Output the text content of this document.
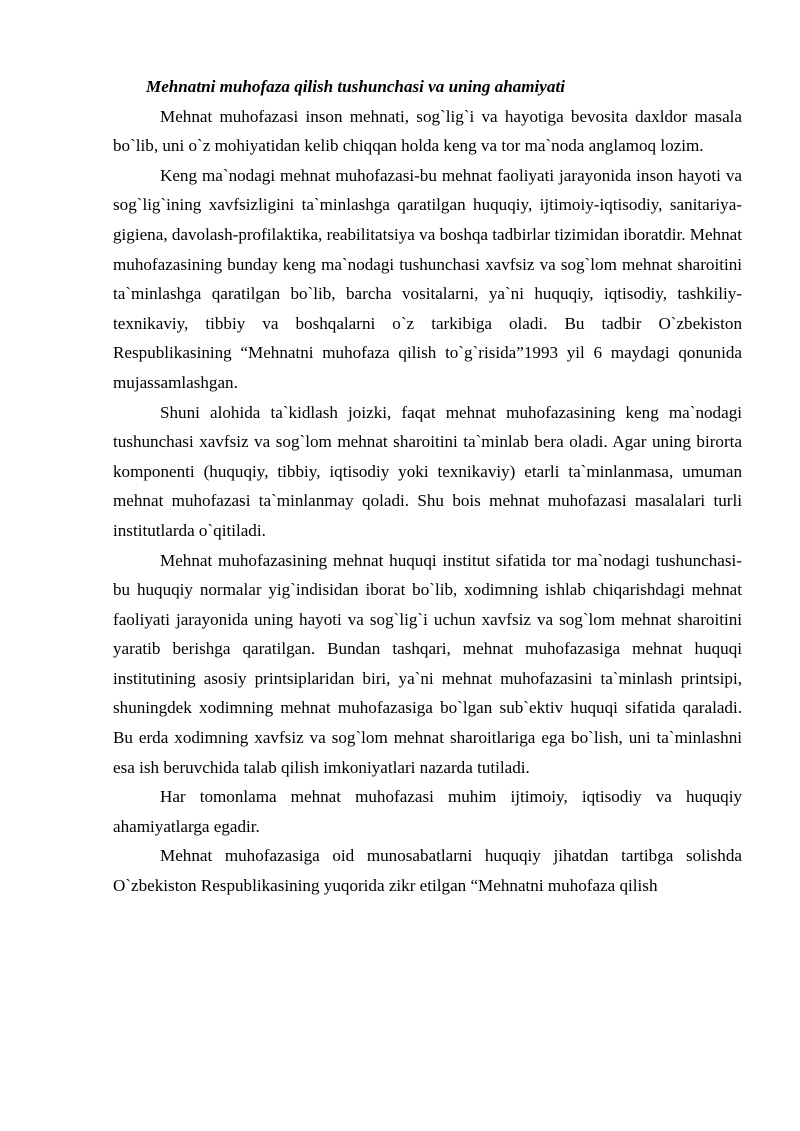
Mehnatni muhofaza qilish tushunchasi va uning ahamiyati

Mehnat muhofazasi inson mehnati, sog`lig`i va hayotiga bevosita daxldor masala bo`lib, uni o`z mohiyatidan kelib chiqqan holda keng va tor ma`noda anglamoq lozim.

Keng ma`nodagi mehnat muhofazasi-bu mehnat faoliyati jarayonida inson hayoti va sog`lig`ining xavfsizligini ta`minlashga qaratilgan huquqiy, ijtimoiy-iqtisodiy, sanitariya-gigiena, davolash-profilaktika, reabilitatsiya va boshqa tadbirlar tizimidan iboratdir. Mehnat muhofazasining bunday keng ma`nodagi tushunchasi xavfsiz va sog`lom mehnat sharoitini ta`minlashga qaratilgan bo`lib, barcha vositalarni, ya`ni huquqiy, iqtisodiy, tashkiliy-texnikaviy, tibbiy va boshqalarni o`z tarkibiga oladi. Bu tadbir O`zbekiston Respublikasining “Mehnatni muhofaza qilish to`g`risida”1993 yil 6 maydagi qonunida mujassamlashgan.

Shuni alohida ta`kidlash joizki, faqat mehnat muhofazasining keng ma`nodagi tushunchasi xavfsiz va sog`lom mehnat sharoitini ta`minlab bera oladi. Agar uning birorta komponenti (huquqiy, tibbiy, iqtisodiy yoki texnikaviy) etarli ta`minlanmasa, umuman mehnat muhofazasi ta`minlanmay qoladi. Shu bois mehnat muhofazasi masalalari turli institutlarda o`qitiladi.

Mehnat muhofazasining mehnat huquqi institut sifatida tor ma`nodagi tushunchasi-bu huquqiy normalar yig`indisidan iborat bo`lib, xodimning ishlab chiqarishdagi mehnat faoliyati jarayonida uning hayoti va sog`lig`i uchun xavfsiz va sog`lom mehnat sharoitini yaratib berishga qaratilgan. Bundan tashqari, mehnat muhofazasiga mehnat huquqi institutining asosiy printsiplaridan biri, ya`ni mehnat muhofazasini ta`minlash printsipi, shuningdek xodimning mehnat muhofazasiga bo`lgan sub`ektiv huquqi sifatida qaraladi. Bu erda xodimning xavfsiz va sog`lom mehnat sharoitlariga ega bo`lish, uni ta`minlashni esa ish beruvchida talab qilish imkoniyatlari nazarda tutiladi.

Har tomonlama mehnat muhofazasi muhim ijtimoiy, iqtisodiy va huquqiy ahamiyatlarga egadir.

Mehnat muhofazasiga oid munosabatlarni huquqiy jihatdan tartibga solishda O`zbekiston Respublikasining yuqorida zikr etilgan “Mehnatni muhofaza qilish
